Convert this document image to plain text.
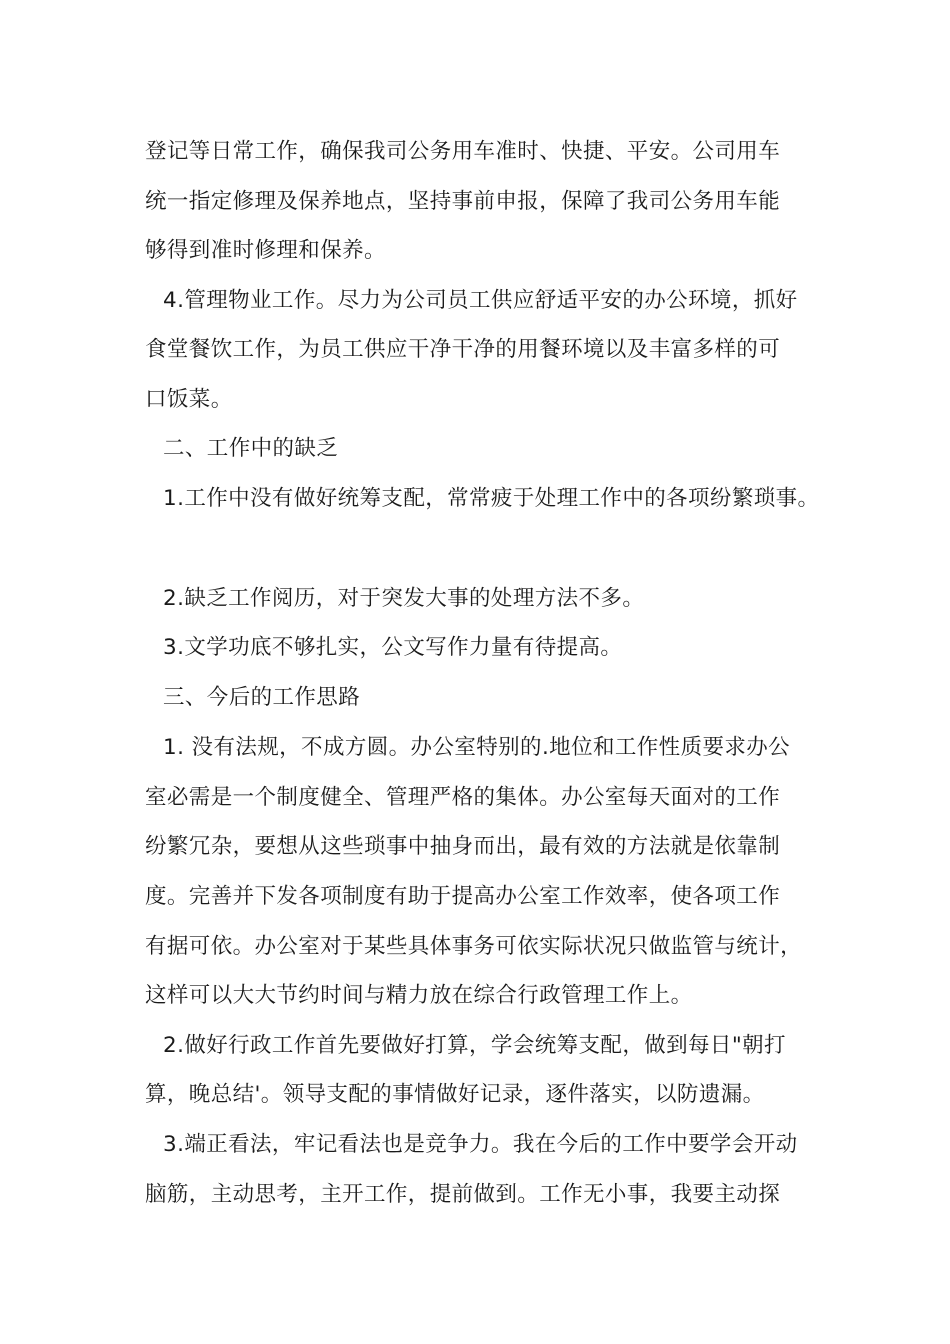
登记等日常工作，确保我司公务用车准时、快捷、平安。公司用车
统一指定修理及保养地点，坚持事前申报，保障了我司公务用车能
够得到准时修理和保养。
4.管理物业工作。尽力为公司员工供应舒适平安的办公环境，抓好
食堂餐饮工作，为员工供应干净干净的用餐环境以及丰富多样的可
口饭菜。
二、工作中的缺乏
1.工作中没有做好统筹支配，常常疲于处理工作中的各项纷繁琐事。
2.缺乏工作阅历，对于突发大事的处理方法不多。
3.文学功底不够扎实，公文写作力量有待提高。
三、今后的工作思路
1. 没有法规，不成方圆。办公室特别的.地位和工作性质要求办公
室必需是一个制度健全、管理严格的集体。办公室每天面对的工作
纷繁冗杂，要想从这些琐事中抽身而出，最有效的方法就是依靠制
度。完善并下发各项制度有助于提高办公室工作效率，使各项工作
有据可依。办公室对于某些具体事务可依实际状况只做监管与统计，
这样可以大大节约时间与精力放在综合行政管理工作上。
2.做好行政工作首先要做好打算，学会统筹支配，做到每日"朝打
算，晚总结'。领导支配的事情做好记录，逐件落实，以防遗漏。
3.端正看法，牢记看法也是竞争力。我在今后的工作中要学会开动
脑筋，主动思考，主开工作，提前做到。工作无小事，我要主动探
